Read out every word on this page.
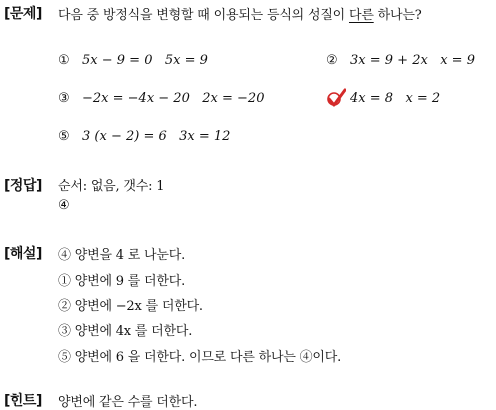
[문제] 다음 중 방정식을 변형할 때 이용되는 등식의 성질이 다른 하나는?
① 5x − 9 = 0 5x = 9	② 3x = 9 + 2x x = 9
③ −2x = −4x − 20 2x = −20	4x = 8 x = 2
⑤ 3 (x − 2) = 6 3x = 12
[정답] 순서: 없음, 갯수: 1
④
[해설] ④ 양변을 4 로 나눈다.
① 양변에 9 를 더한다.
② 양변에 −2x 를 더한다.
③ 양변에 4x 를 더한다.
⑤ 양변에 6 을 더한다. 이므로 다른 하나는 ④이다.
[힌트] 양변에 같은 수를 더한다.
